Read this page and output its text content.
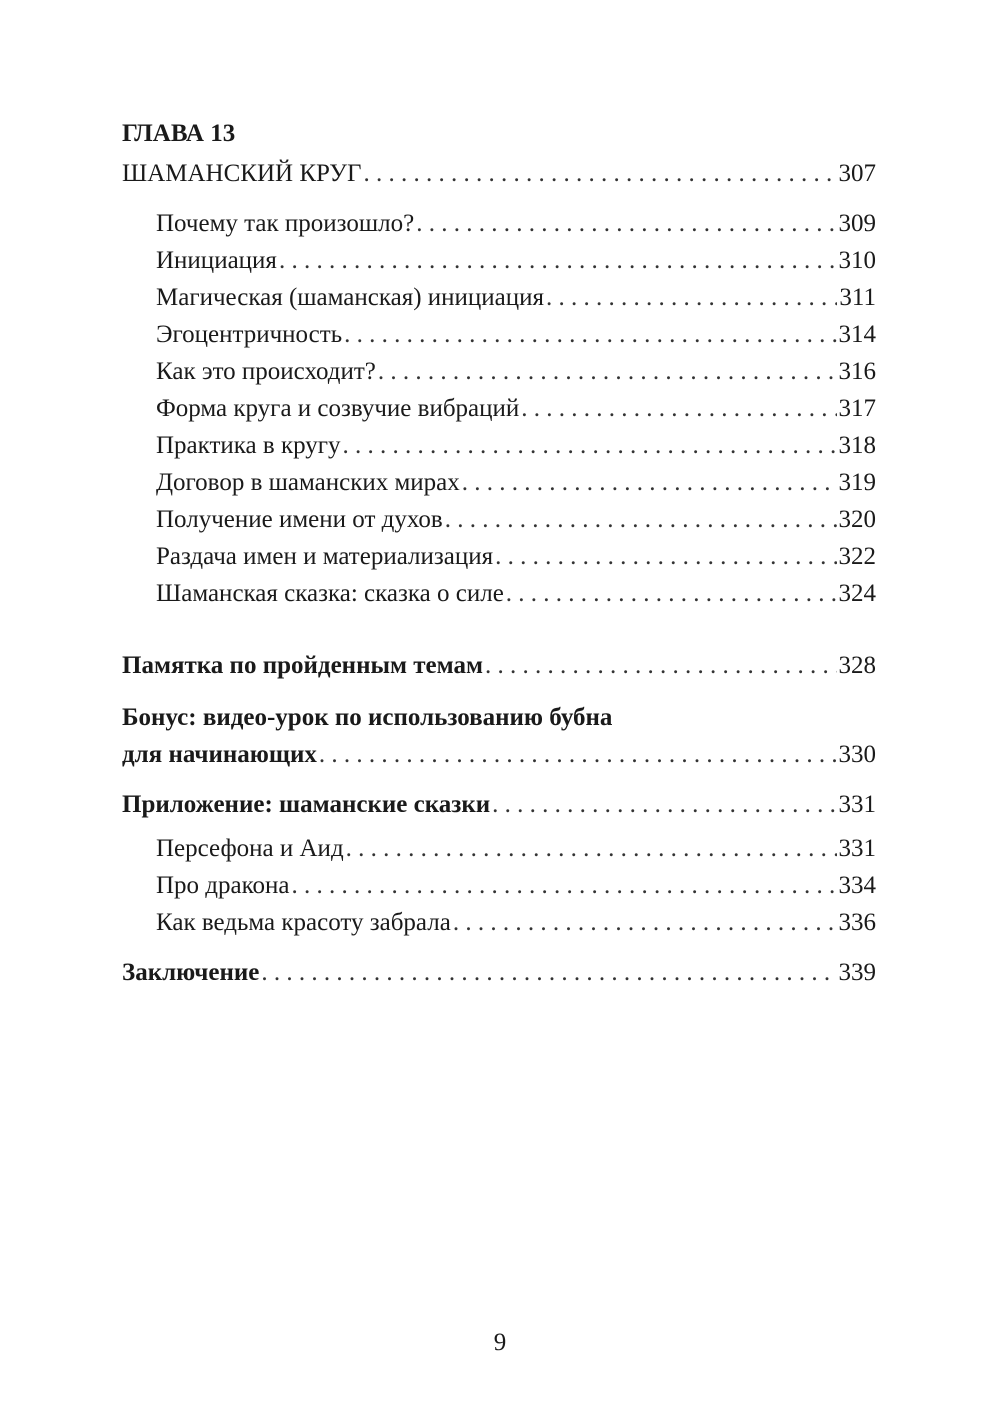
ГЛАВА 13
ШАМАНСКИЙ КРУГ . . .	307
Почему так произошло? . . .	309
Инициация . . .	310
Магическая (шаманская) инициация . . .	311
Эгоцентричность . . .	314
Как это происходит? . . .	316
Форма круга и созвучие вибраций . . .	317
Практика в кругу . . .	318
Договор в шаманских мирах . . .	319
Получение имени от духов . . .	320
Раздача имен и материализация . . .	322
Шаманская сказка: сказка о силе . . .	324
Памятка по пройденным темам . . .	328
Бонус: видео-урок по использованию бубна
для начинающих . . .	330
Приложение: шаманские сказки . . .	331
Персефона и Аид . . .	331
Про дракона . . .	334
Как ведьма красоту забрала . . .	336
Заключение . . .	339
9
